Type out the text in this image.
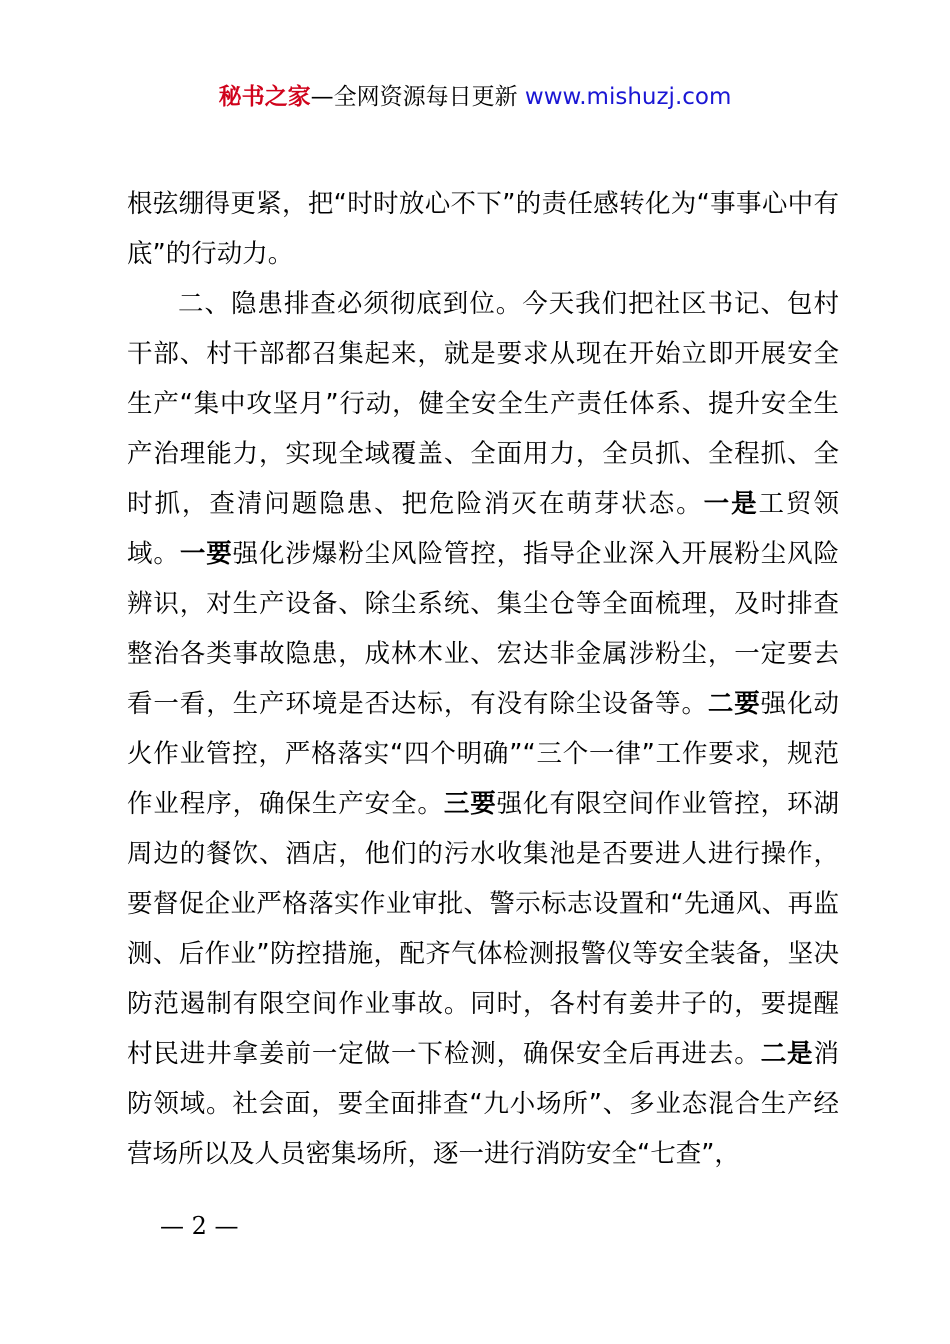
秘书之家—全网资源每日更新 www.mishuzj.com

根弦绷得更紧，把“时时放心不下”的责任感转化为“事事心中有底”的行动力。

二、隐患排查必须彻底到位。今天我们把社区书记、包村干部、村干部都召集起来，就是要求从现在开始立即开展安全生产“集中攻坚月”行动，健全安全生产责任体系、提升安全生产治理能力，实现全域覆盖、全面用力，全员抓、全程抓、全时抓，查清问题隐患、把危险消灭在萌芽状态。一是工贸领域。一要强化涉爆粉尘风险管控，指导企业深入开展粉尘风险辨识，对生产设备、除尘系统、集尘仓等全面梳理，及时排查整治各类事故隐患，成林木业、宏达非金属涉粉尘，一定要去看一看，生产环境是否达标，有没有除尘设备等。二要强化动火作业管控，严格落实“四个明确”“三个一律”工作要求，规范作业程序，确保生产安全。三要强化有限空间作业管控，环湖周边的餐饮、酒店，他们的污水收集池是否要进人进行操作，要督促企业严格落实作业审批、警示标志设置和“先通风、再监测、后作业”防控措施，配齐气体检测报警仪等安全装备，坚决防范遏制有限空间作业事故。同时，各村有姜井子的，要提醒村民进井拿姜前一定做一下检测，确保安全后再进去。二是消防领域。社会面，要全面排查“九小场所”、多业态混合生产经营场所以及人员密集场所，逐一进行消防安全“七查”，

— 2 —
